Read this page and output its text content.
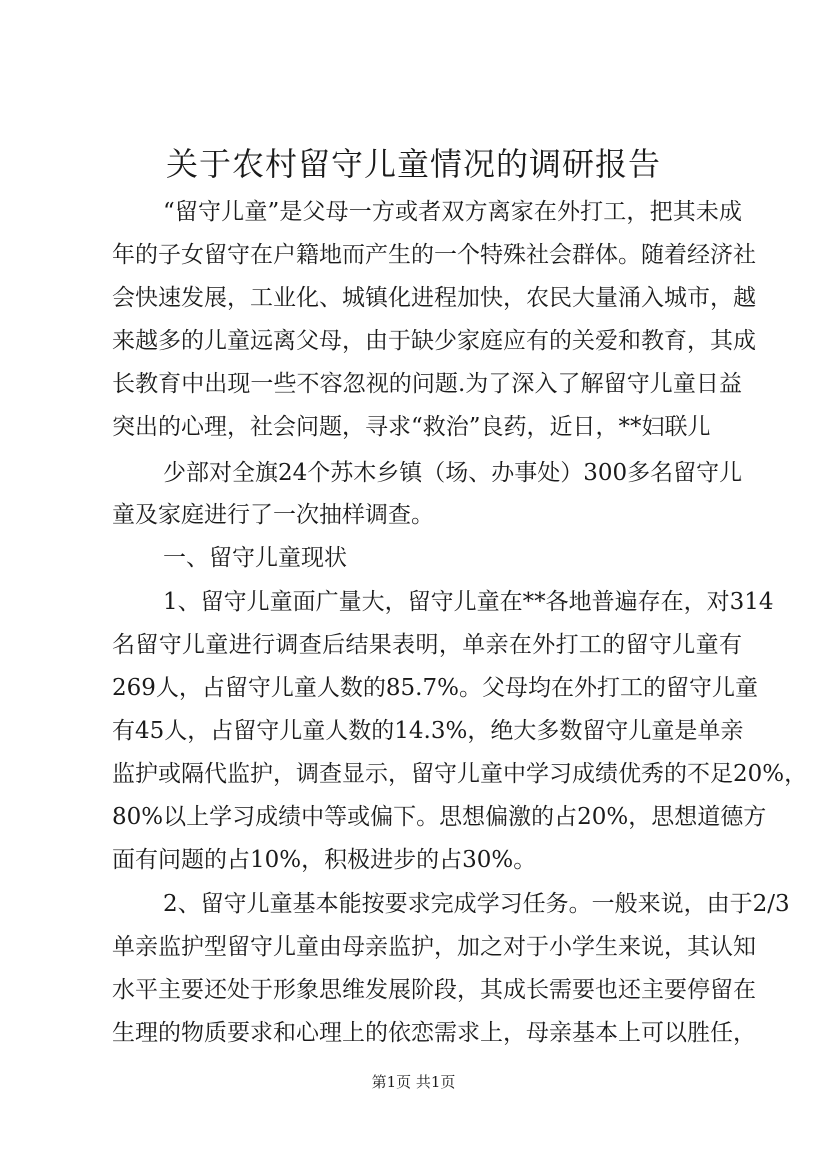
关于农村留守儿童情况的调研报告
“留守儿童”是父母一方或者双方离家在外打工，把其未成
年的子女留守在户籍地而产生的一个特殊社会群体。随着经济社
会快速发展，工业化、城镇化进程加快，农民大量涌入城市，越
来越多的儿童远离父母，由于缺少家庭应有的关爱和教育，其成
长教育中出现一些不容忽视的问题.为了深入了解留守儿童日益
突出的心理，社会问题，寻求“救治”良药，近日，**妇联儿
少部对全旗24个苏木乡镇（场、办事处）300多名留守儿
童及家庭进行了一次抽样调查。
一、留守儿童现状
1、留守儿童面广量大，留守儿童在**各地普遍存在，对314
名留守儿童进行调查后结果表明，单亲在外打工的留守儿童有
269人，占留守儿童人数的85.7%。父母均在外打工的留守儿童
有45人，占留守儿童人数的14.3%，绝大多数留守儿童是单亲
监护或隔代监护，调查显示，留守儿童中学习成绩优秀的不足20%，
80%以上学习成绩中等或偏下。思想偏激的占20%，思想道德方
面有问题的占10%，积极进步的占30%。
2、留守儿童基本能按要求完成学习任务。一般来说，由于2/3
单亲监护型留守儿童由母亲监护，加之对于小学生来说，其认知
水平主要还处于形象思维发展阶段，其成长需要也还主要停留在
生理的物质要求和心理上的依恋需求上，母亲基本上可以胜任，
第1页 共1页
